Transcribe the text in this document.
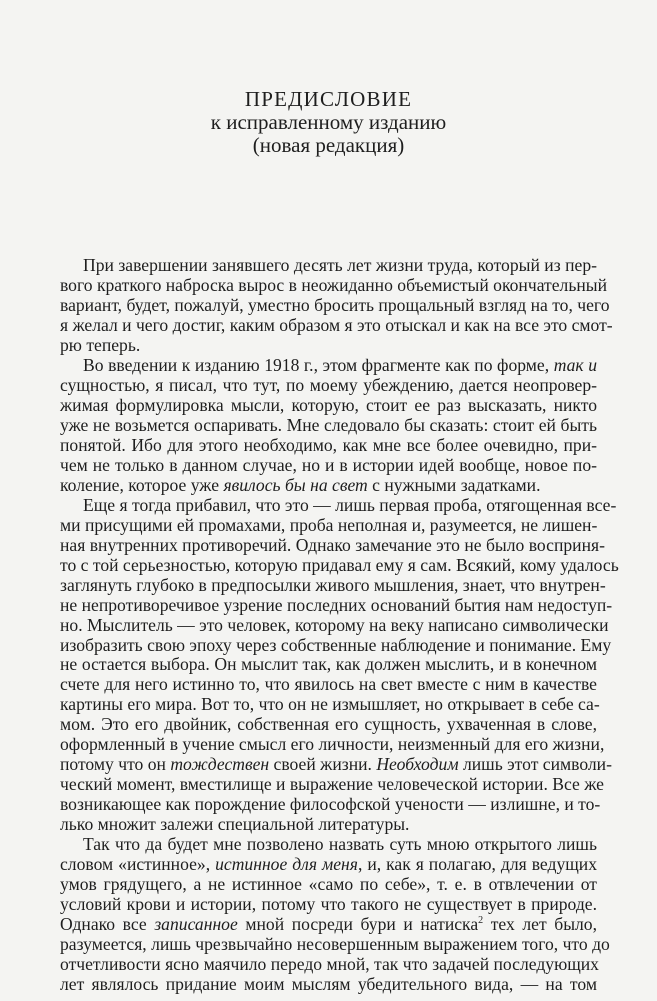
ПРЕДИСЛОВИЕ
к исправленному изданию
(новая редакция)
При завершении занявшего десять лет жизни труда, который из пер-
вого краткого наброска вырос в неожиданно объемистый окончательный
вариант, будет, пожалуй, уместно бросить прощальный взгляд на то, чего
я желал и чего достиг, каким образом я это отыскал и как на все это смот-
рю теперь.
Во введении к изданию 1918 г., этом фрагменте как по форме, так и
сущностью, я писал, что тут, по моему убеждению, дается неопровер-
жимая формулировка мысли, которую, стоит ее раз высказать, никто
уже не возьмется оспаривать. Мне следовало бы сказать: стоит ей быть
понятой. Ибо для этого необходимо, как мне все более очевидно, при-
чем не только в данном случае, но и в истории идей вообще, новое по-
коление, которое уже явилось бы на свет с нужными задатками.
Еще я тогда прибавил, что это — лишь первая проба, отягощенная все-
ми присущими ей промахами, проба неполная и, разумеется, не лишен-
ная внутренних противоречий. Однако замечание это не было восприня-
то с той серьезностью, которую придавал ему я сам. Всякий, кому удалось
заглянуть глубоко в предпосылки живого мышления, знает, что внутрен-
не непротиворечивое узрение последних оснований бытия нам недоступ-
но. Мыслитель — это человек, которому на веку написано символически
изобразить свою эпоху через собственные наблюдение и понимание. Ему
не остается выбора. Он мыслит так, как должен мыслить, и в конечном
счете для него истинно то, что явилось на свет вместе с ним в качестве
картины его мира. Вот то, что он не измышляет, но открывает в себе са-
мом. Это его двойник, собственная его сущность, ухваченная в слове,
оформленный в учение смысл его личности, неизменный для его жизни,
потому что он тождествен своей жизни. Необходим лишь этот символи-
ческий момент, вместилище и выражение человеческой истории. Все же
возникающее как порождение философской учености — излишне, и то-
лько множит залежи специальной литературы.
Так что да будет мне позволено назвать суть мною открытого лишь
словом «истинное», истинное для меня, и, как я полагаю, для ведущих
умов грядущего, а не истинное «само по себе», т. е. в отвлечении от
условий крови и истории, потому что такого не существует в природе.
Однако все записанное мной посреди бури и натиска$^2$ тех лет было,
разумеется, лишь чрезвычайно несовершенным выражением того, что до
отчетливости ясно маячило передо мной, так что задачей последующих
лет являлось придание моим мыслям убедительного вида, — на том
